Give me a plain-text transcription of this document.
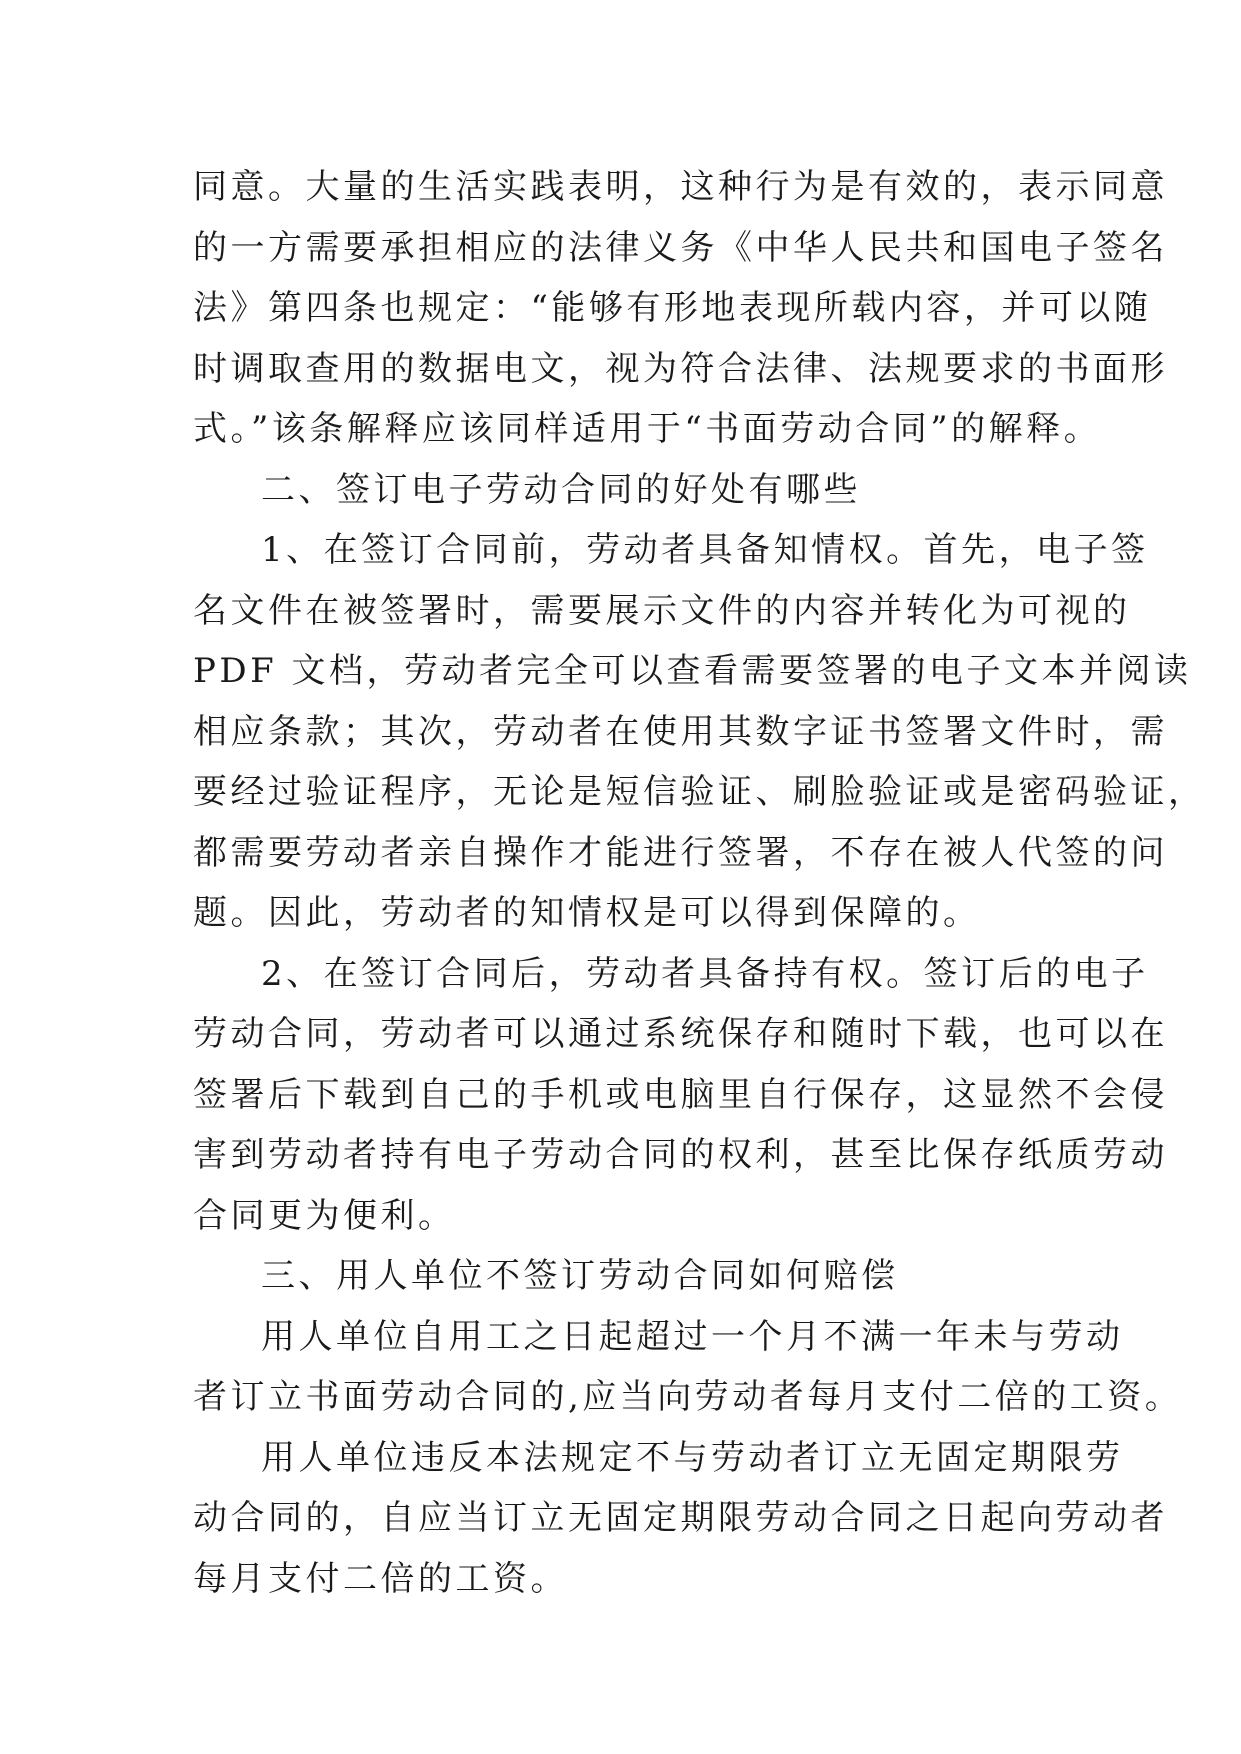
同意。大量的生活实践表明，这种行为是有效的，表示同意
的一方需要承担相应的法律义务《中华人民共和国电子签名
法》第四条也规定：“能够有形地表现所载内容，并可以随
时调取查用的数据电文，视为符合法律、法规要求的书面形
式。”该条解释应该同样适用于“书面劳动合同”的解释。
二、签订电子劳动合同的好处有哪些
1、在签订合同前，劳动者具备知情权。首先，电子签
名文件在被签署时，需要展示文件的内容并转化为可视的
PDF 文档，劳动者完全可以查看需要签署的电子文本并阅读
相应条款；其次，劳动者在使用其数字证书签署文件时，需
要经过验证程序，无论是短信验证、刷脸验证或是密码验证，
都需要劳动者亲自操作才能进行签署，不存在被人代签的问
题。因此，劳动者的知情权是可以得到保障的。
2、在签订合同后，劳动者具备持有权。签订后的电子
劳动合同，劳动者可以通过系统保存和随时下载，也可以在
签署后下载到自己的手机或电脑里自行保存，这显然不会侵
害到劳动者持有电子劳动合同的权利，甚至比保存纸质劳动
合同更为便利。
三、用人单位不签订劳动合同如何赔偿
用人单位自用工之日起超过一个月不满一年未与劳动
者订立书面劳动合同的,应当向劳动者每月支付二倍的工资。
用人单位违反本法规定不与劳动者订立无固定期限劳
动合同的，自应当订立无固定期限劳动合同之日起向劳动者
每月支付二倍的工资。
